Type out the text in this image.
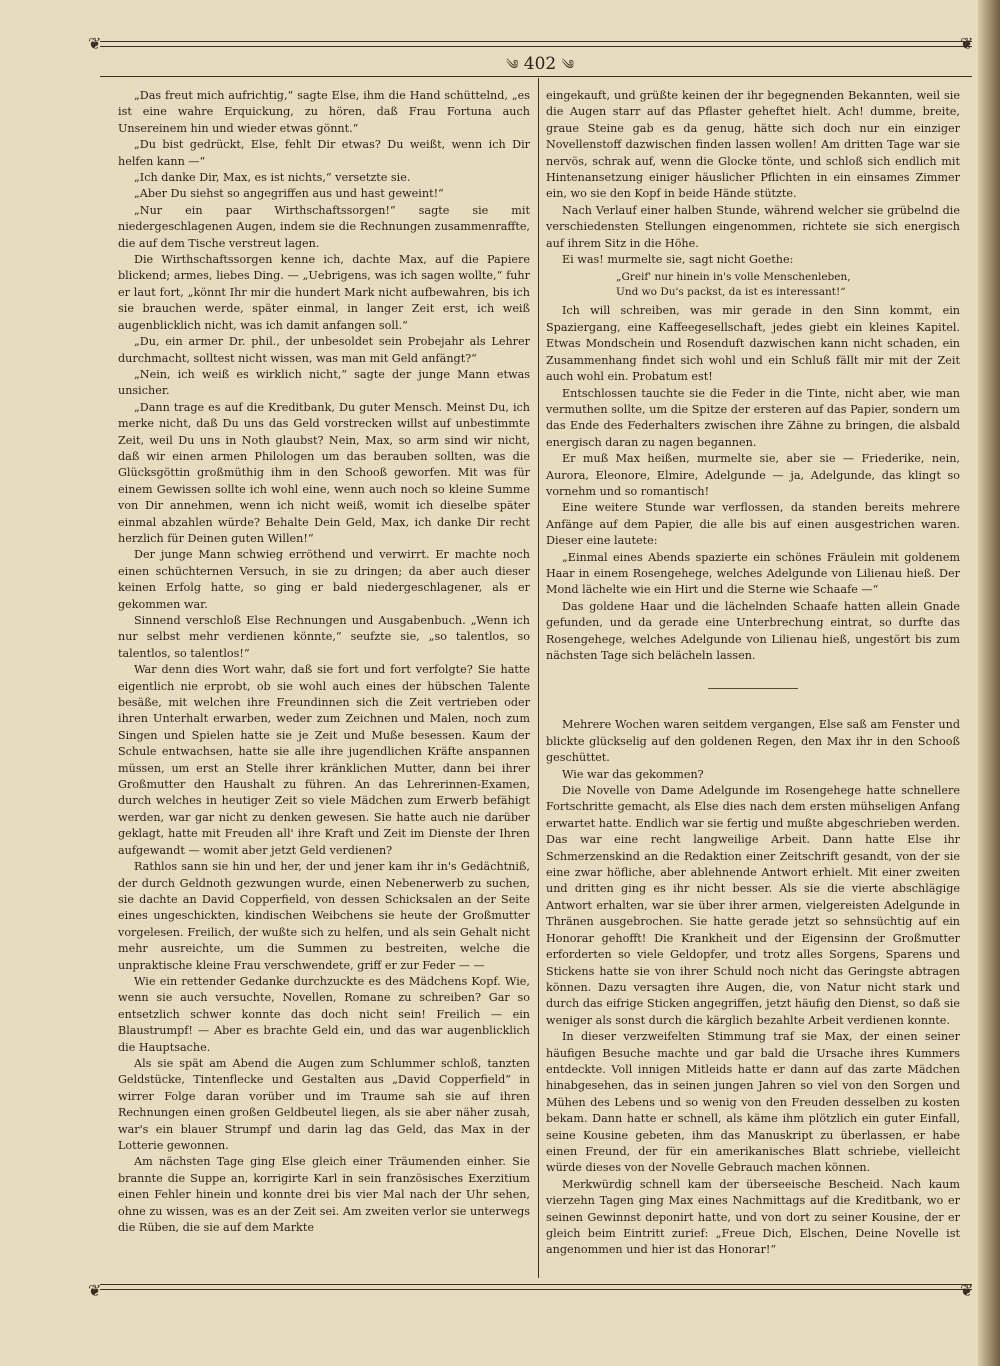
❦	❦
༄ 402 ༄

„Das freut mich aufrichtig,“ sagte Else, ihm die Hand schüttelnd, „es ist eine wahre Erquickung, zu hören, daß Frau Fortuna auch Unsereinem hin und wieder etwas gönnt.“

„Du bist gedrückt, Else, fehlt Dir etwas? Du weißt, wenn ich Dir helfen kann —“

„Ich danke Dir, Max, es ist nichts,“ versetzte sie.

„Aber Du siehst so angegriffen aus und hast geweint!“

„Nur ein paar Wirthschaftssorgen!“ sagte sie mit niedergeschlagenen Augen, indem sie die Rechnungen zusammenraffte, die auf dem Tische verstreut lagen.

Die Wirthschaftssorgen kenne ich, dachte Max, auf die Papiere blickend; armes, liebes Ding. — „Uebrigens, was ich sagen wollte,“ fuhr er laut fort, „könnt Ihr mir die hundert Mark nicht aufbewahren, bis ich sie brauchen werde, später einmal, in langer Zeit erst, ich weiß augenblicklich nicht, was ich damit anfangen soll.“

„Du, ein armer Dr. phil., der unbesoldet sein Probejahr als Lehrer durchmacht, solltest nicht wissen, was man mit Geld anfängt?“

„Nein, ich weiß es wirklich nicht,“ sagte der junge Mann etwas unsicher.

„Dann trage es auf die Kreditbank, Du guter Mensch. Meinst Du, ich merke nicht, daß Du uns das Geld vorstrecken willst auf unbestimmte Zeit, weil Du uns in Noth glaubst? Nein, Max, so arm sind wir nicht, daß wir einen armen Philologen um das berauben sollten, was die Glücksgöttin großmüthig ihm in den Schooß geworfen. Mit was für einem Gewissen sollte ich wohl eine, wenn auch noch so kleine Summe von Dir annehmen, wenn ich nicht weiß, womit ich dieselbe später einmal abzahlen würde? Behalte Dein Geld, Max, ich danke Dir recht herzlich für Deinen guten Willen!“

Der junge Mann schwieg erröthend und verwirrt. Er machte noch einen schüchternen Versuch, in sie zu dringen; da aber auch dieser keinen Erfolg hatte, so ging er bald niedergeschlagener, als er gekommen war.

Sinnend verschloß Else Rechnungen und Ausgabenbuch. „Wenn ich nur selbst mehr verdienen könnte,“ seufzte sie, „so talentlos, so talentlos, so talentlos!“

War denn dies Wort wahr, daß sie fort und fort verfolgte? Sie hatte eigentlich nie erprobt, ob sie wohl auch eines der hübschen Talente besäße, mit welchen ihre Freundinnen sich die Zeit vertrieben oder ihren Unterhalt erwarben, weder zum Zeichnen und Malen, noch zum Singen und Spielen hatte sie je Zeit und Muße besessen. Kaum der Schule entwachsen, hatte sie alle ihre jugendlichen Kräfte anspannen müssen, um erst an Stelle ihrer kränklichen Mutter, dann bei ihrer Großmutter den Haushalt zu führen. An das Lehrerinnen-Examen, durch welches in heutiger Zeit so viele Mädchen zum Erwerb befähigt werden, war gar nicht zu denken gewesen. Sie hatte auch nie darüber geklagt, hatte mit Freuden all' ihre Kraft und Zeit im Dienste der Ihren aufgewandt — womit aber jetzt Geld verdienen?

Rathlos sann sie hin und her, der und jener kam ihr in's Gedächtniß, der durch Geldnoth gezwungen wurde, einen Nebenerwerb zu suchen, sie dachte an David Copperfield, von dessen Schicksalen an der Seite eines ungeschickten, kindischen Weibchens sie heute der Großmutter vorgelesen. Freilich, der wußte sich zu helfen, und als sein Gehalt nicht mehr ausreichte, um die Summen zu bestreiten, welche die unpraktische kleine Frau verschwendete, griff er zur Feder — —

Wie ein rettender Gedanke durchzuckte es des Mädchens Kopf. Wie, wenn sie auch versuchte, Novellen, Romane zu schreiben? Gar so entsetzlich schwer konnte das doch nicht sein! Freilich — ein Blaustrumpf! — Aber es brachte Geld ein, und das war augenblicklich die Hauptsache.

Als sie spät am Abend die Augen zum Schlummer schloß, tanzten Geldstücke, Tintenflecke und Gestalten aus „David Copperfield“ in wirrer Folge daran vorüber und im Traume sah sie auf ihren Rechnungen einen großen Geldbeutel liegen, als sie aber näher zusah, war's ein blauer Strumpf und darin lag das Geld, das Max in der Lotterie gewonnen.

Am nächsten Tage ging Else gleich einer Träumenden einher. Sie brannte die Suppe an, korrigirte Karl in sein französisches Exerzitium einen Fehler hinein und konnte drei bis vier Mal nach der Uhr sehen, ohne zu wissen, was es an der Zeit sei. Am zweiten verlor sie unterwegs die Rüben, die sie auf dem Markte

eingekauft, und grüßte keinen der ihr begegnenden Bekannten, weil sie die Augen starr auf das Pflaster geheftet hielt. Ach! dumme, breite, graue Steine gab es da genug, hätte sich doch nur ein einziger Novellenstoff dazwischen finden lassen wollen! Am dritten Tage war sie nervös, schrak auf, wenn die Glocke tönte, und schloß sich endlich mit Hintenansetzung einiger häuslicher Pflichten in ein einsames Zimmer ein, wo sie den Kopf in beide Hände stützte.

Nach Verlauf einer halben Stunde, während welcher sie grübelnd die verschiedensten Stellungen eingenommen, richtete sie sich energisch auf ihrem Sitz in die Höhe.

Ei was! murmelte sie, sagt nicht Goethe:

„Greif' nur hinein in's volle Menschenleben,
Und wo Du's packst, da ist es interessant!“

Ich will schreiben, was mir gerade in den Sinn kommt, ein Spaziergang, eine Kaffeegesellschaft, jedes giebt ein kleines Kapitel. Etwas Mondschein und Rosenduft dazwischen kann nicht schaden, ein Zusammenhang findet sich wohl und ein Schluß fällt mir mit der Zeit auch wohl ein. Probatum est!

Entschlossen tauchte sie die Feder in die Tinte, nicht aber, wie man vermuthen sollte, um die Spitze der ersteren auf das Papier, sondern um das Ende des Federhalters zwischen ihre Zähne zu bringen, die alsbald energisch daran zu nagen begannen.

Er muß Max heißen, murmelte sie, aber sie — Friederike, nein, Aurora, Eleonore, Elmire, Adelgunde — ja, Adelgunde, das klingt so vornehm und so romantisch!

Eine weitere Stunde war verflossen, da standen bereits mehrere Anfänge auf dem Papier, die alle bis auf einen ausgestrichen waren. Dieser eine lautete:

„Einmal eines Abends spazierte ein schönes Fräulein mit goldenem Haar in einem Rosengehege, welches Adelgunde von Lilienau hieß. Der Mond lächelte wie ein Hirt und die Sterne wie Schaafe —“

Das goldene Haar und die lächelnden Schaafe hatten allein Gnade gefunden, und da gerade eine Unterbrechung eintrat, so durfte das Rosengehege, welches Adelgunde von Lilienau hieß, ungestört bis zum nächsten Tage sich belächeln lassen.

Mehrere Wochen waren seitdem vergangen, Else saß am Fenster und blickte glückselig auf den goldenen Regen, den Max ihr in den Schooß geschüttet.

Wie war das gekommen?

Die Novelle von Dame Adelgunde im Rosengehege hatte schnellere Fortschritte gemacht, als Else dies nach dem ersten mühseligen Anfang erwartet hatte. Endlich war sie fertig und mußte abgeschrieben werden. Das war eine recht langweilige Arbeit. Dann hatte Else ihr Schmerzenskind an die Redaktion einer Zeitschrift gesandt, von der sie eine zwar höfliche, aber ablehnende Antwort erhielt. Mit einer zweiten und dritten ging es ihr nicht besser. Als sie die vierte abschlägige Antwort erhalten, war sie über ihrer armen, vielgereisten Adelgunde in Thränen ausgebrochen. Sie hatte gerade jetzt so sehnsüchtig auf ein Honorar gehofft! Die Krankheit und der Eigensinn der Großmutter erforderten so viele Geldopfer, und trotz alles Sorgens, Sparens und Stickens hatte sie von ihrer Schuld noch nicht das Geringste abtragen können. Dazu versagten ihre Augen, die, von Natur nicht stark und durch das eifrige Sticken angegriffen, jetzt häufig den Dienst, so daß sie weniger als sonst durch die kärglich bezahlte Arbeit verdienen konnte.

In dieser verzweifelten Stimmung traf sie Max, der einen seiner häufigen Besuche machte und gar bald die Ursache ihres Kummers entdeckte. Voll innigen Mitleids hatte er dann auf das zarte Mädchen hinabgesehen, das in seinen jungen Jahren so viel von den Sorgen und Mühen des Lebens und so wenig von den Freuden desselben zu kosten bekam. Dann hatte er schnell, als käme ihm plötzlich ein guter Einfall, seine Kousine gebeten, ihm das Manuskript zu überlassen, er habe einen Freund, der für ein amerikanisches Blatt schriebe, vielleicht würde dieses von der Novelle Gebrauch machen können.

Merkwürdig schnell kam der überseeische Bescheid. Nach kaum vierzehn Tagen ging Max eines Nachmittags auf die Kreditbank, wo er seinen Gewinnst deponirt hatte, und von dort zu seiner Kousine, der er gleich beim Eintritt zurief: „Freue Dich, Elschen, Deine Novelle ist angenommen und hier ist das Honorar!“

❦	❦
